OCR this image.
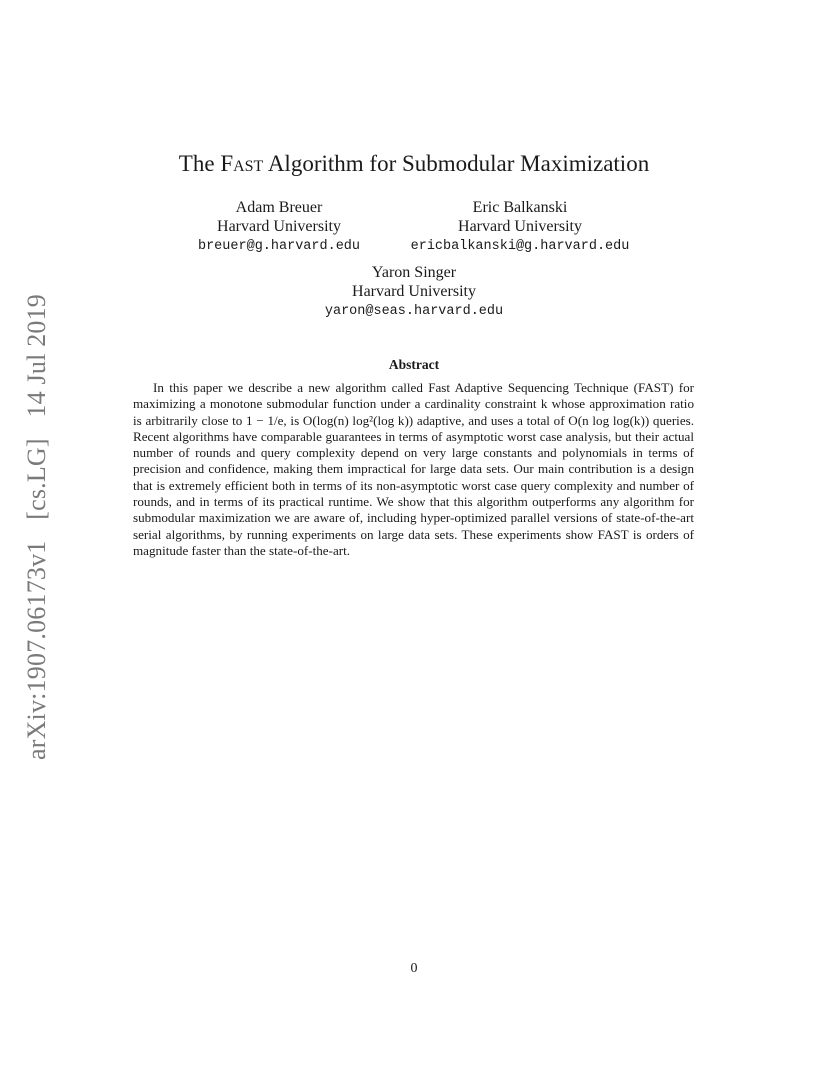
arXiv:1907.06173v1 [cs.LG] 14 Jul 2019
The Fast Algorithm for Submodular Maximization
Adam Breuer
Harvard University
breuer@g.harvard.edu
Eric Balkanski
Harvard University
ericbalkanski@g.harvard.edu
Yaron Singer
Harvard University
yaron@seas.harvard.edu
Abstract
In this paper we describe a new algorithm called Fast Adaptive Sequencing Technique (FAST) for maximizing a monotone submodular function under a cardinality constraint k whose approximation ratio is arbitrarily close to 1 − 1/e, is O(log(n) log²(log k)) adaptive, and uses a total of O(n log log(k)) queries. Recent algorithms have comparable guarantees in terms of asymptotic worst case analysis, but their actual number of rounds and query complexity depend on very large constants and polynomials in terms of precision and confidence, making them impractical for large data sets. Our main contribution is a design that is extremely efficient both in terms of its non-asymptotic worst case query complexity and number of rounds, and in terms of its practical runtime. We show that this algorithm outperforms any algorithm for submodular maximization we are aware of, including hyper-optimized parallel versions of state-of-the-art serial algorithms, by running experiments on large data sets. These experiments show FAST is orders of magnitude faster than the state-of-the-art.
0
